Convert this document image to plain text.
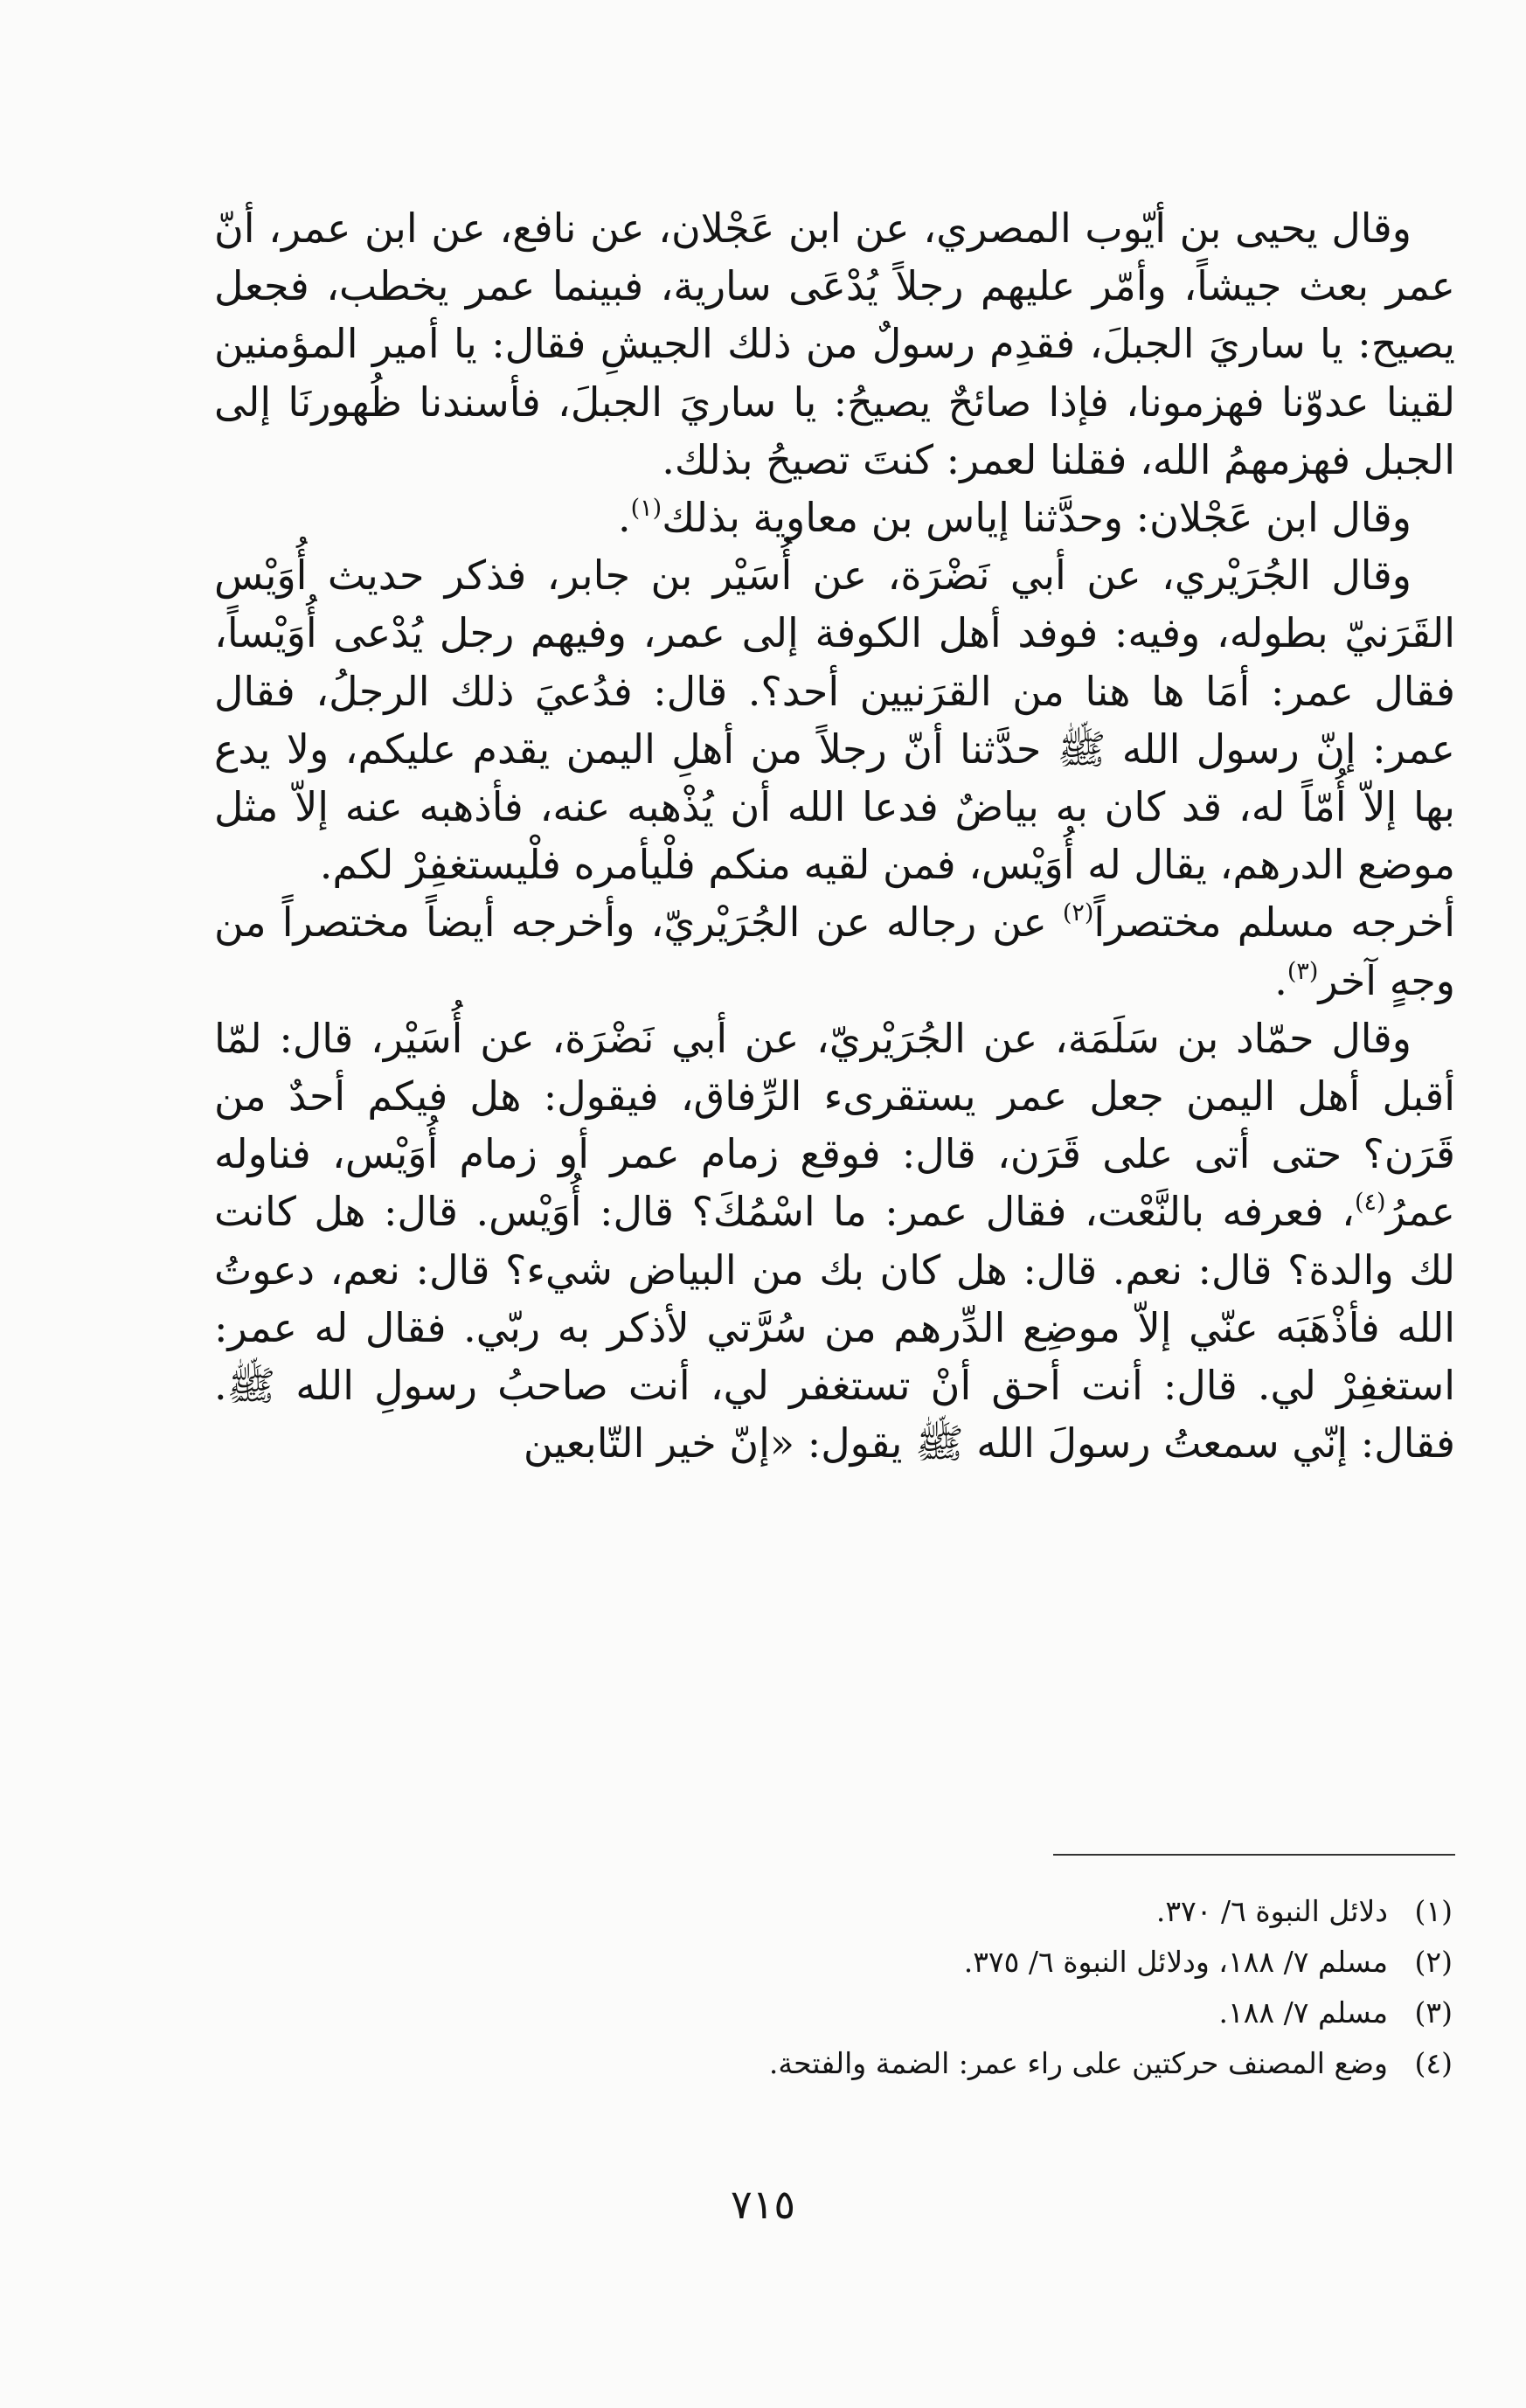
وقال يحيى بن أيّوب المصري، عن ابن عَجْلان، عن نافع، عن ابن عمر، أنّ عمر بعث جيشاً، وأمّر عليهم رجلاً يُدْعَى سارية، فبينما عمر يخطب، فجعل يصيح: يا ساريَ الجبلَ، فقدِم رسولٌ من ذلك الجيشِ فقال: يا أمير المؤمنين لقينا عدوّنا فهزمونا، فإذا صائحٌ يصيحُ: يا ساريَ الجبلَ، فأسندنا ظُهورنَا إلى الجبل فهزمهمُ الله، فقلنا لعمر: كنتَ تصيحُ بذلك.

وقال ابن عَجْلان: وحدَّثنا إياس بن معاوية بذلك$^{(١)}$.

وقال الجُرَيْري، عن أبي نَضْرَة، عن أُسَيْر بن جابر، فذكر حديث أُوَيْس القَرَنيّ بطوله، وفيه: فوفد أهل الكوفة إلى عمر، وفيهم رجل يُدْعى أُوَيْساً، فقال عمر: أمَا ها هنا من القرَنيين أحد؟. قال: فدُعيَ ذلك الرجلُ، فقال عمر: إنّ رسول الله ﷺ حدَّثنا أنّ رجلاً من أهلِ اليمن يقدم عليكم، ولا يدع بها إلاّ أُمّاً له، قد كان به بياضٌ فدعا الله أن يُذْهبه عنه، فأذهبه عنه إلاّ مثل موضع الدرهم، يقال له أُوَيْس، فمن لقيه منكم فلْيأمره فلْيستغفِرْ لكم.

أخرجه مسلم مختصراً$^{(٢)}$ عن رجاله عن الجُرَيْريّ، وأخرجه أيضاً مختصراً من وجهٍ آخر$^{(٣)}$.

وقال حمّاد بن سَلَمَة، عن الجُرَيْريّ، عن أبي نَضْرَة، عن أُسَيْر، قال: لمّا أقبل أهل اليمن جعل عمر يستقرىء الرِّفاق، فيقول: هل فيكم أحدٌ من قَرَن؟ حتى أتى على قَرَن، قال: فوقع زمام عمر أو زمام أُوَيْس، فناوله عمرُ$^{(٤)}$، فعرفه بالنَّعْت، فقال عمر: ما اسْمُكَ؟ قال: أُوَيْس. قال: هل كانت لك والدة؟ قال: نعم. قال: هل كان بك من البياض شيء؟ قال: نعم، دعوتُ الله فأذْهَبَه عنّي إلاّ موضِع الدِّرهم من سُرَّتي لأذكر به ربّي. فقال له عمر: استغفِرْ لي. قال: أنت أحق أنْ تستغفر لي، أنت صاحبُ رسولِ الله ﷺ. فقال: إنّي سمعتُ رسولَ الله ﷺ يقول: «إنّ خير التّابعين

(١)دلائل النبوة ٦/ ٣٧٠.
(٢)مسلم ٧/ ١٨٨، ودلائل النبوة ٦/ ٣٧٥.
(٣)مسلم ٧/ ١٨٨.
(٤)وضع المصنف حركتين على راء عمر: الضمة والفتحة.
٧١٥
